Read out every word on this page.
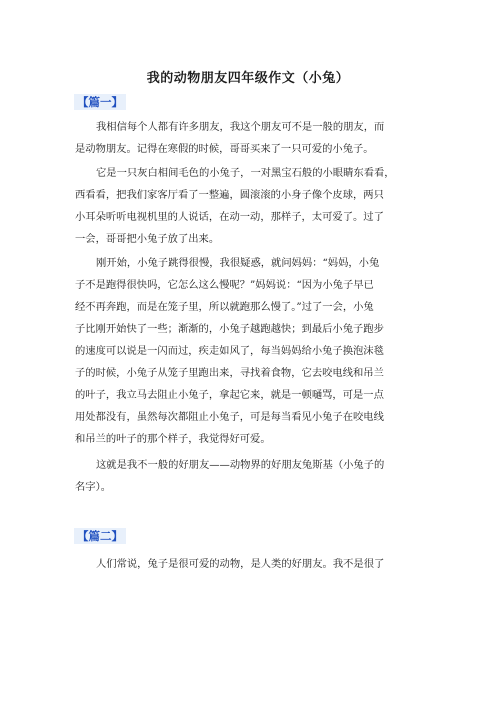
我的动物朋友四年级作文（小兔）
【篇一】
我相信每个人都有许多朋友，我这个朋友可不是一般的朋友，而
是动物朋友。记得在寒假的时候，哥哥买来了一只可爱的小兔子。
它是一只灰白相间毛色的小兔子，一对黑宝石般的小眼睛东看看，
西看看，把我们家客厅看了一整遍，圆滚滚的小身子像个皮球，两只
小耳朵听听电视机里的人说话，在动一动，那样子，太可爱了。过了
一会，哥哥把小兔子放了出来。
刚开始，小兔子跳得很慢，我很疑惑，就问妈妈：“妈妈，小兔
子不是跑得很快吗，它怎么这么慢呢？”妈妈说：“因为小兔子早已
经不再奔跑，而是在笼子里，所以就跑那么慢了。”过了一会，小兔
子比刚开始快了一些；渐渐的，小兔子越跑越快；到最后小兔子跑步
的速度可以说是一闪而过，疾走如风了，每当妈妈给小兔子换泡沫毯
子的时候，小兔子从笼子里跑出来，寻找着食物，它去咬电线和吊兰
的叶子，我立马去阻止小兔子，拿起它来，就是一顿嗵骂，可是一点
用处都没有，虽然每次都阻止小兔子，可是每当看见小兔子在咬电线
和吊兰的叶子的那个样子，我觉得好可爱。
这就是我不一般的好朋友——动物界的好朋友兔斯基（小兔子的
名字）。
【篇二】
人们常说，兔子是很可爱的动物，是人类的好朋友。我不是很了
